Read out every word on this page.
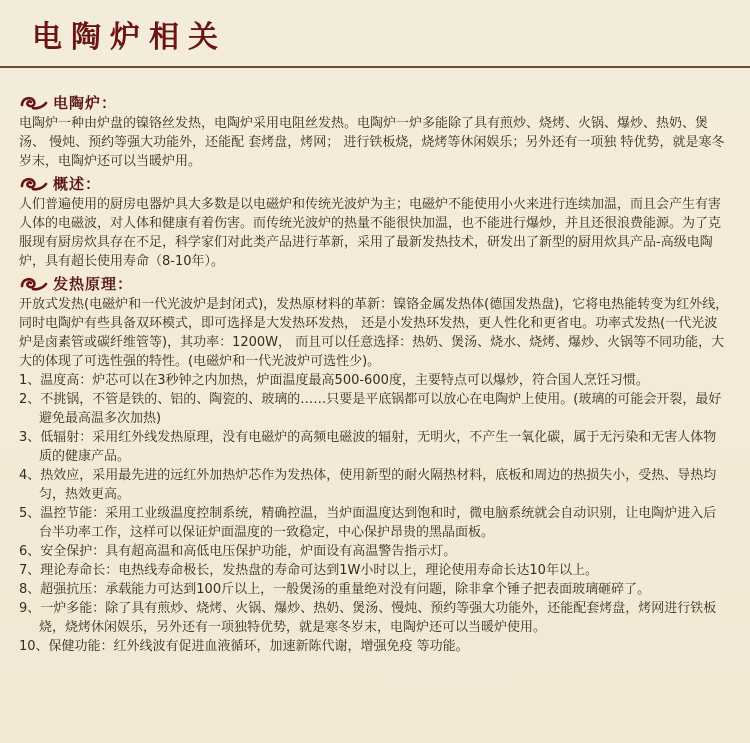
电陶炉相关
电陶炉：

电陶炉一种由炉盘的镍铬丝发热，电陶炉采用电阻丝发热。电陶炉一炉多能除了具有煎炒、烧烤、火锅、爆炒、热奶、煲汤、 慢炖、预约等强大功能外，还能配 套烤盘，烤网； 进行铁板烧，烧烤等休闲娱乐；另外还有一项独 特优势，就是寒冬岁末，电陶炉还可以当暖炉用。

概述：

人们普遍使用的厨房电器炉具大多数是以电磁炉和传统光波炉为主；电磁炉不能使用小火来进行连续加温，而且会产生有害人体的电磁波，对人体和健康有着伤害。而传统光波炉的热量不能很快加温，也不能进行爆炒，并且还很浪费能源。为了克服现有厨房炊具存在不足，科学家们对此类产品进行革新，采用了最新发热技术，研发出了新型的厨用炊具产品-高级电陶炉，具有超长使用寿命（8-10年）。

发热原理：

开放式发热(电磁炉和一代光波炉是封闭式)，发热原材料的革新：镍铬金属发热体(德国发热盘)，它将电热能转变为红外线，同时电陶炉有些具备双环模式，即可选择是大发热环发热， 还是小发热环发热，更人性化和更省电。功率式发热(一代光波炉是卤素管或碳纤维管等)，其功率：1200W， 而且可以任意选择：热奶、煲汤、烧水、烧烤、爆炒、火锅等不同功能，大大的体现了可选性强的特性。(电磁炉和一代光波炉可选性少)。

1、温度高：炉芯可以在3秒钟之内加热，炉面温度最高500-600度，主要特点可以爆炒，符合国人烹饪习惯。

2、不挑锅，不管是铁的、铝的、陶瓷的、玻璃的……只要是平底锅都可以放心在电陶炉上使用。(玻璃的可能会开裂，最好避免最高温多次加热)

3、低辐射：采用红外线发热原理，没有电磁炉的高频电磁波的辐射，无明火，不产生一氧化碳，属于无污染和无害人体物质的健康产品。

4、热效应，采用最先进的远红外加热炉芯作为发热体，使用新型的耐火隔热材料，底板和周边的热损失小，受热、导热均匀，热效更高。

5、温控节能：采用工业级温度控制系统，精确控温，当炉面温度达到饱和时，微电脑系统就会自动识别，让电陶炉进入后台半功率工作，这样可以保证炉面温度的一致稳定，中心保护昂贵的黑晶面板。

6、安全保护：具有超高温和高低电压保护功能，炉面设有高温警告指示灯。

7、理论寿命长：电热线寿命极长，发热盘的寿命可达到1W小时以上，理论使用寿命长达10年以上。

8、超强抗压：承载能力可达到100斤以上，一般煲汤的重量绝对没有问题，除非拿个锤子把表面玻璃砸碎了。

9、一炉多能：除了具有煎炒、烧烤、火锅、爆炒、热奶、煲汤、慢炖、预约等强大功能外，还能配套烤盘，烤网进行铁板烧，烧烤休闲娱乐，另外还有一项独特优势，就是寒冬岁末，电陶炉还可以当暖炉使用。

10、保健功能：红外线波有促进血液循环，加速新陈代谢，增强免疫 等功能。
